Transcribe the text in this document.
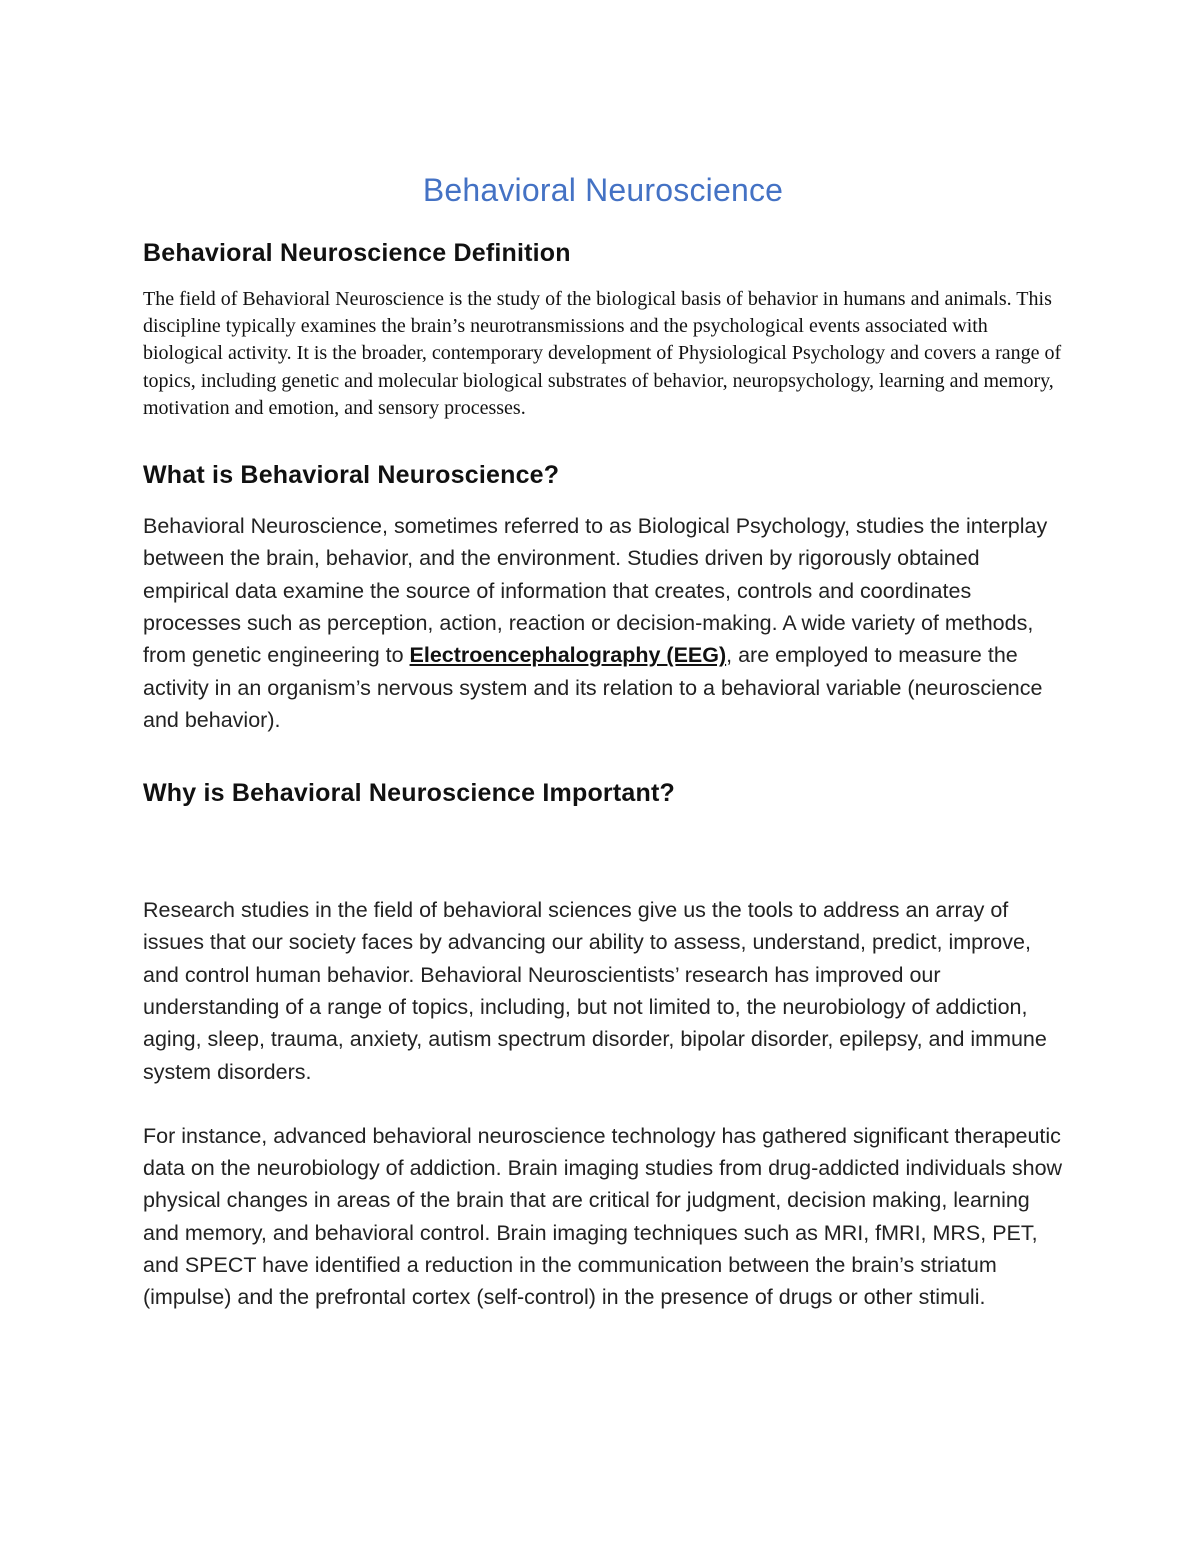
Behavioral Neuroscience
Behavioral Neuroscience Definition

The field of Behavioral Neuroscience is the study of the biological basis of behavior in humans and animals. This discipline typically examines the brain’s neurotransmissions and the psychological events associated with biological activity. It is the broader, contemporary development of Physiological Psychology and covers a range of topics, including genetic and molecular biological substrates of behavior, neuropsychology, learning and memory, motivation and emotion, and sensory processes.

What is Behavioral Neuroscience?

Behavioral Neuroscience, sometimes referred to as Biological Psychology, studies the interplay between the brain, behavior, and the environment. Studies driven by rigorously obtained empirical data examine the source of information that creates, controls and coordinates processes such as perception, action, reaction or decision-making. A wide variety of methods, from genetic engineering to Electroencephalography (EEG), are employed to measure the activity in an organism’s nervous system and its relation to a behavioral variable (neuroscience and behavior).

Why is Behavioral Neuroscience Important?

Research studies in the field of behavioral sciences give us the tools to address an array of issues that our society faces by advancing our ability to assess, understand, predict, improve, and control human behavior. Behavioral Neuroscientists’ research has improved our understanding of a range of topics, including, but not limited to, the neurobiology of addiction, aging, sleep, trauma, anxiety, autism spectrum disorder, bipolar disorder, epilepsy, and immune system disorders.

For instance, advanced behavioral neuroscience technology has gathered significant therapeutic data on the neurobiology of addiction. Brain imaging studies from drug-addicted individuals show physical changes in areas of the brain that are critical for judgment, decision making, learning and memory, and behavioral control. Brain imaging techniques such as MRI, fMRI, MRS, PET, and SPECT have identified a reduction in the communication between the brain’s striatum (impulse) and the prefrontal cortex (self-control) in the presence of drugs or other stimuli.
